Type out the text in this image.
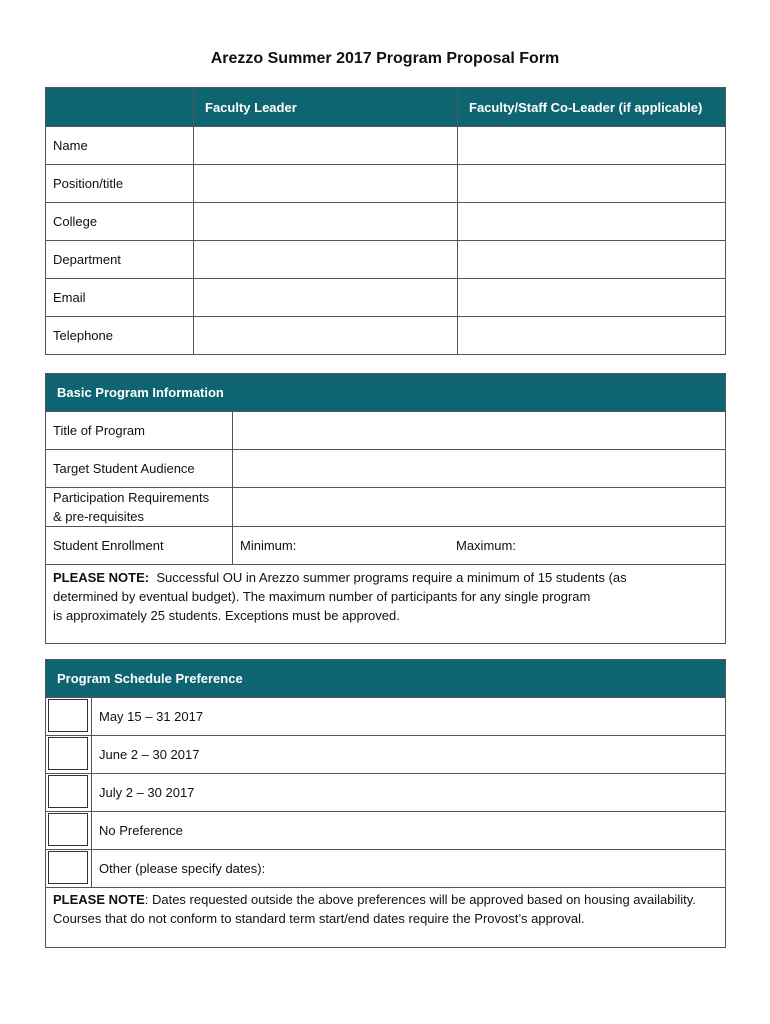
Arezzo Summer 2017 Program Proposal Form
	Faculty Leader	Faculty/Staff Co-Leader (if applicable)
Name		
Position/title		
College		
Department		
Email		
Telephone		
Basic Program Information		
Title of Program		
Target Student Audience		
Participation Requirements
& pre-requisites		
Student Enrollment	Minimum:	Maximum:
PLEASE NOTE: Successful OU in Arezzo summer programs require a minimum of 15 students (as
determined by eventual budget). The maximum number of participants for any single program
is approximately 25 students. Exceptions must be approved.		
Program Schedule Preference	
	May 15 – 31 2017
	June 2 – 30 2017
	July 2 – 30 2017
	No Preference
	Other (please specify dates):
PLEASE NOTE: Dates requested outside the above preferences will be approved based on housing availability.
Courses that do not conform to standard term start/end dates require the Provost’s approval.	
